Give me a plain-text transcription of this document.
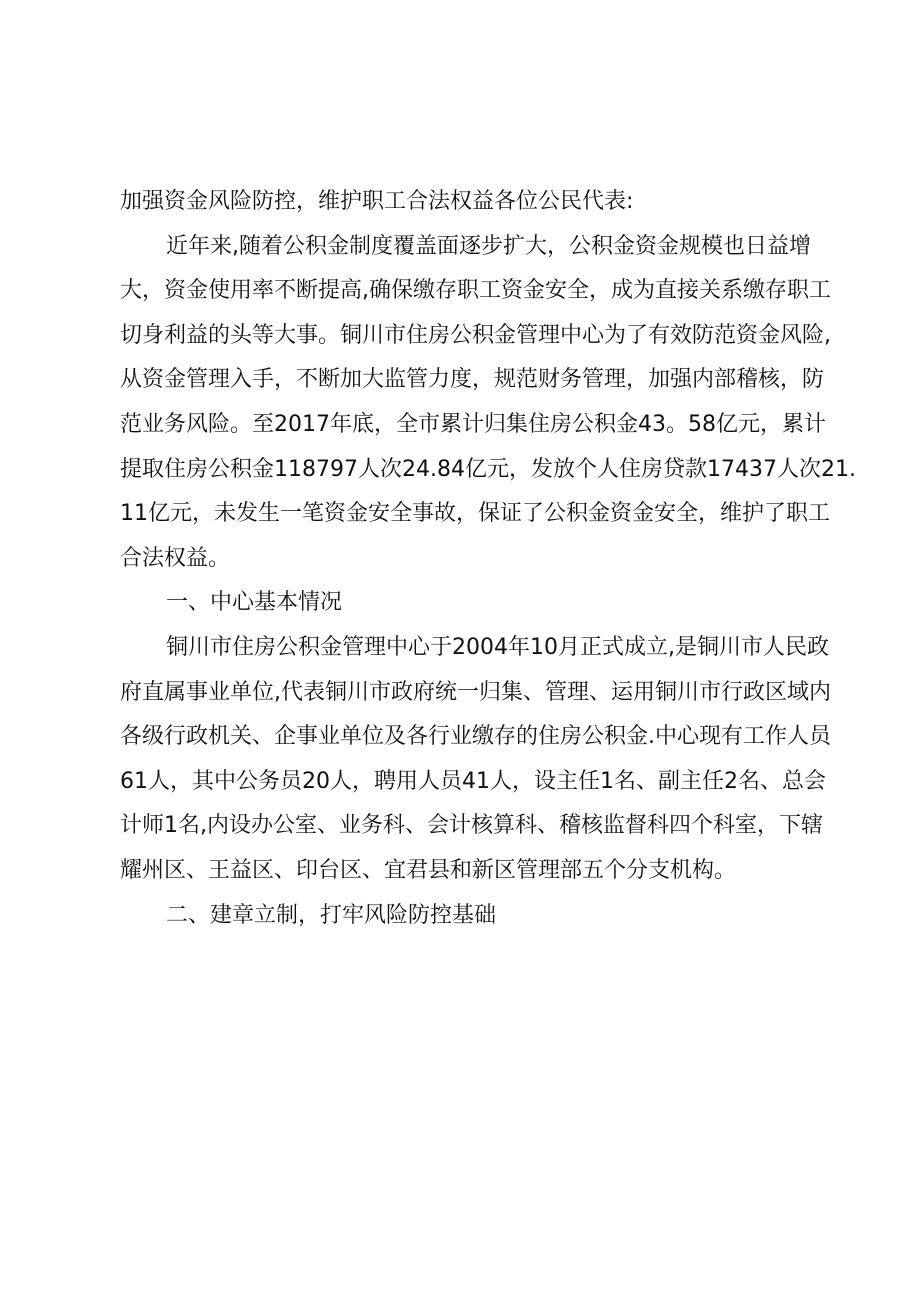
加强资金风险防控，维护职工合法权益各位公民代表:
近年来,随着公积金制度覆盖面逐步扩大，公积金资金规模也日益增
大，资金使用率不断提高,确保缴存职工资金安全，成为直接关系缴存职工
切身利益的头等大事。铜川市住房公积金管理中心为了有效防范资金风险,
从资金管理入手，不断加大监管力度，规范财务管理，加强内部稽核，防
范业务风险。至2017年底，全市累计归集住房公积金43。58亿元，累计
提取住房公积金118797人次24.84亿元，发放个人住房贷款17437人次21.
11亿元，未发生一笔资金安全事故，保证了公积金资金安全，维护了职工
合法权益。
一、中心基本情况
铜川市住房公积金管理中心于2004年10月正式成立,是铜川市人民政
府直属事业单位,代表铜川市政府统一归集、管理、运用铜川市行政区域内
各级行政机关、企事业单位及各行业缴存的住房公积金.中心现有工作人员
61人，其中公务员20人，聘用人员41人，设主任1名、副主任2名、总会
计师1名,内设办公室、业务科、会计核算科、稽核监督科四个科室，下辖
耀州区、王益区、印台区、宜君县和新区管理部五个分支机构。
二、建章立制，打牢风险防控基础
